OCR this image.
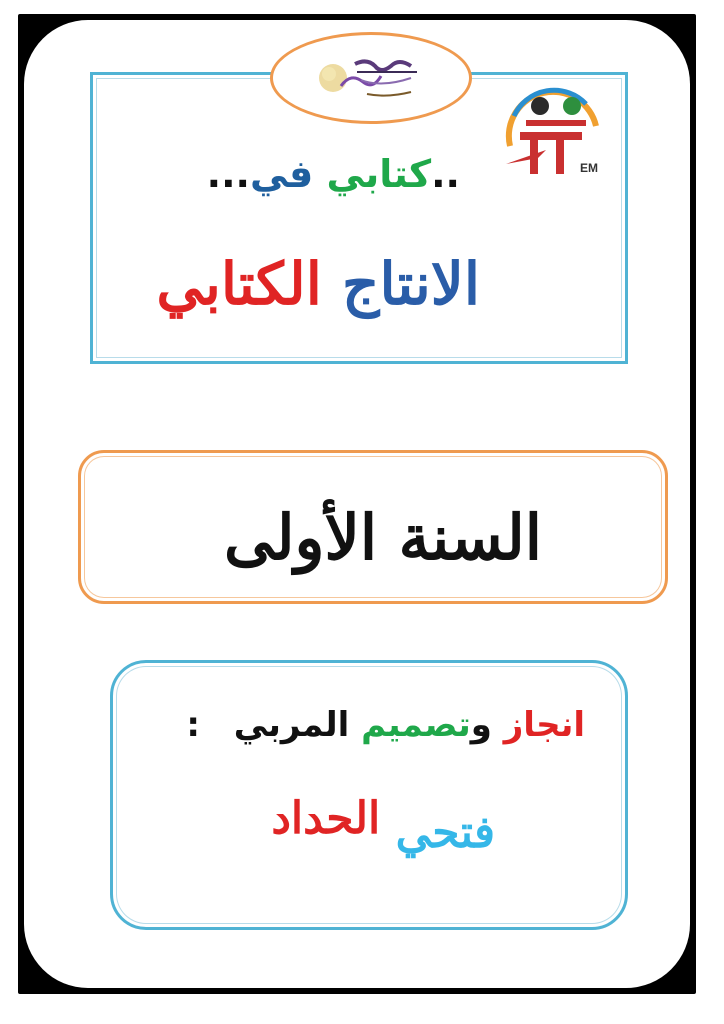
EM
..كتابي في...
الانتاج الكتابي
السنة الأولى
انجاز وتصميم المربي :
فتحي الحداد
